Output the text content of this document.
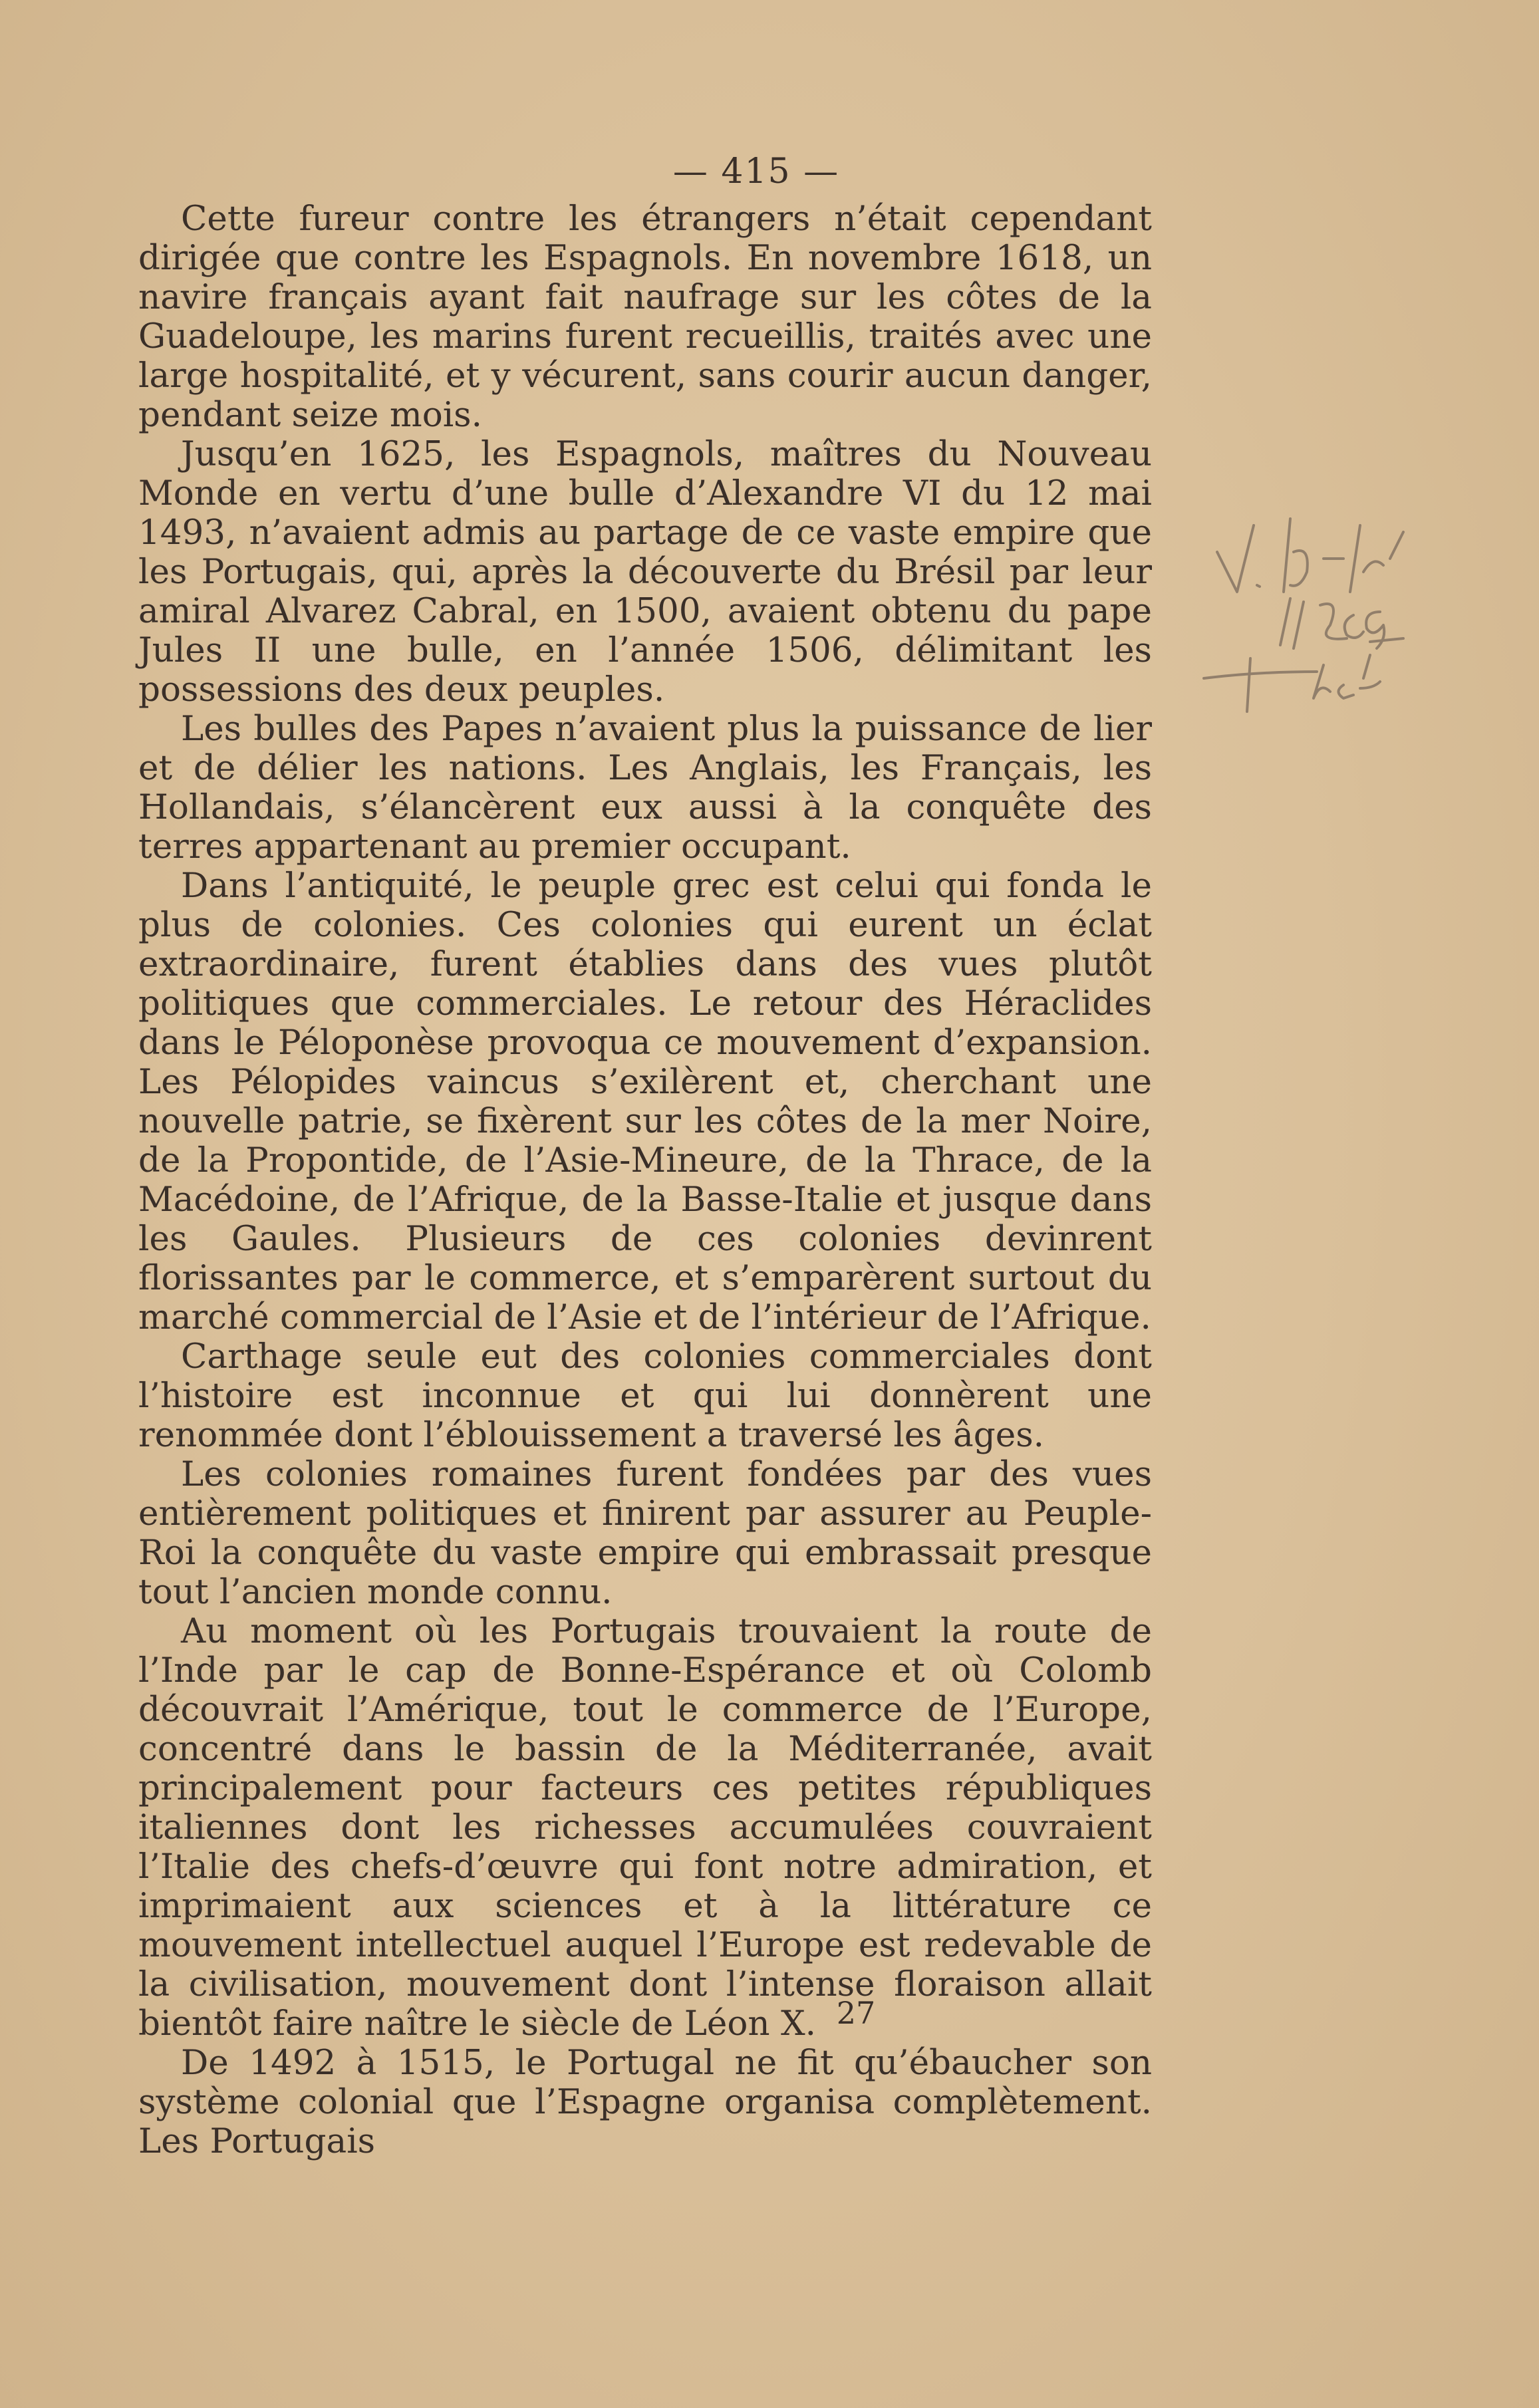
— 415 —

Cette fureur contre les étrangers n’était cependant dirigée que contre les Espagnols. En novembre 1618, un navire français ayant fait naufrage sur les côtes de la Guadeloupe, les marins furent recueillis, traités avec une large hospitalité, et y vécurent, sans courir aucun danger, pendant seize mois.

Jusqu’en 1625, les Espagnols, maîtres du Nouveau Monde en vertu d’une bulle d’Alexandre VI du 12 mai 1493, n’avaient admis au partage de ce vaste empire que les Portugais, qui, après la découverte du Brésil par leur amiral Alvarez Cabral, en 1500, avaient obtenu du pape Jules II une bulle, en l’année 1506, délimitant les possessions des deux peuples.

Les bulles des Papes n’avaient plus la puissance de lier et de délier les nations. Les Anglais, les Français, les Hollandais, s’élancèrent eux aussi à la conquête des terres appartenant au premier occupant.

Dans l’antiquité, le peuple grec est celui qui fonda le plus de colonies. Ces colonies qui eurent un éclat extraordinaire, furent établies dans des vues plutôt politiques que commerciales. Le retour des Héraclides dans le Péloponèse provoqua ce mouvement d’expansion. Les Pélopides vaincus s’exilèrent et, cherchant une nouvelle patrie, se fixèrent sur les côtes de la mer Noire, de la Propontide, de l’Asie-Mineure, de la Thrace, de la Macédoine, de l’Afrique, de la Basse-Italie et jusque dans les Gaules. Plusieurs de ces colonies devinrent florissantes par le commerce, et s’emparèrent surtout du marché commercial de l’Asie et de l’intérieur de l’Afrique.

Carthage seule eut des colonies commerciales dont l’histoire est inconnue et qui lui donnèrent une renommée dont l’éblouissement a traversé les âges.

Les colonies romaines furent fondées par des vues entièrement politiques et finirent par assurer au Peuple-Roi la conquête du vaste empire qui embrassait presque tout l’ancien monde connu.

Au moment où les Portugais trouvaient la route de l’Inde par le cap de Bonne-Espérance et où Colomb découvrait l’Amérique, tout le commerce de l’Europe, concentré dans le bassin de la Méditerranée, avait principalement pour facteurs ces petites républiques italiennes dont les richesses accumulées couvraient l’Italie des chefs-d’œuvre qui font notre admiration, et imprimaient aux sciences et à la littérature ce mouvement intellectuel auquel l’Europe est redevable de la civilisation, mouvement dont l’intense floraison allait bientôt faire naître le siècle de Léon X.

De 1492 à 1515, le Portugal ne fit qu’ébaucher son système colonial que l’Espagne organisa complètement. Les Portugais

27
